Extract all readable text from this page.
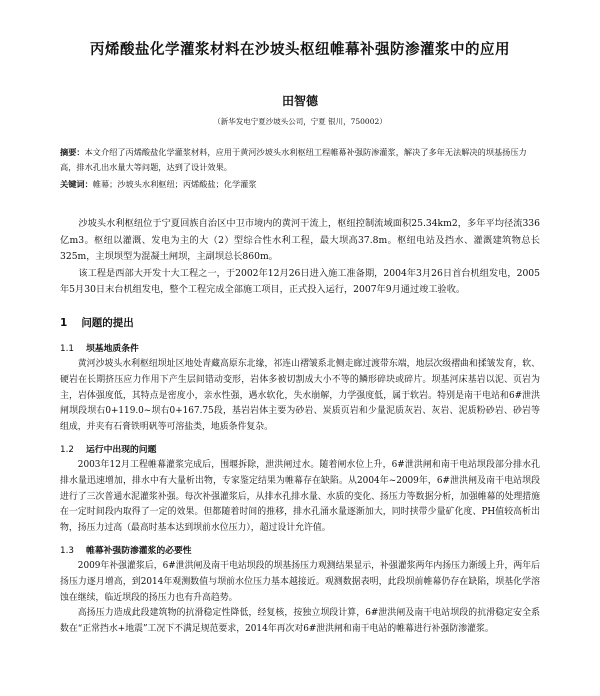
丙烯酸盐化学灌浆材料在沙坡头枢纽帷幕补强防渗灌浆中的应用
田智德
（新华发电宁夏沙坡头公司，宁夏 银川，750002）
摘要：本文介绍了丙烯酸盐化学灌浆材料，应用于黄河沙坡头水利枢纽工程帷幕补强防渗灌浆，解决了多年无法解决的坝基扬压力高，排水孔出水量大等问题，达到了设计效果。
关键词：帷幕；沙坡头水利枢纽；丙烯酸盐；化学灌浆

沙坡头水利枢纽位于宁夏回族自治区中卫市境内的黄河干流上，枢纽控制流域面积25.34km2，多年平均径流336亿m3。枢纽以灌溉、发电为主的大（2）型综合性水利工程，最大坝高37.8m。枢纽电站及挡水、灌溉建筑物总长325m，主坝坝型为混凝土闸坝，主副坝总长860m。

该工程是西部大开发十大工程之一，于2002年12月26日进入施工准备期，2004年3月26日首台机组发电，2005年5月30日末台机组发电，整个工程完成全部施工项目，正式投入运行，2007年9月通过竣工验收。

1 问题的提出
1.1 坝基地质条件

黄河沙坡头水利枢纽坝址区地处青藏高原东北缘，祁连山褶皱系北侧走廊过渡带东端，地层次级褶曲和揉皱发育，软、硬岩在长期挤压应力作用下产生层间错动变形，岩体多被切割成大小不等的鳞形碎块或碎片。坝基河床基岩以泥、页岩为主，岩体强度低，其特点是密度小，亲水性强，遇水软化，失水崩解，力学强度低，属于软岩。特别是南干电站和6#泄洪闸坝段坝右0+119.0~坝右0+167.75段，基岩岩体主要为砂岩、炭质页岩和少量泥质灰岩、灰岩、泥质粉砂岩、砂岩等组成，并夹有石膏铁明矾等可溶盐类，地质条件复杂。

1.2 运行中出现的问题

2003年12月工程帷幕灌浆完成后，围堰拆除，泄洪闸过水。随着闸水位上升，6#泄洪闸和南干电站坝段部分排水孔排水量迅速增加，排水中有大量析出物，专家鉴定结果为帷幕存在缺陷。从2004年~2009年，6#泄洪闸及南干电站坝段进行了三次普通水泥灌浆补强。每次补强灌浆后，从排水孔排水量、水质的变化、扬压力等数据分析，加强帷幕的处理措施在一定时间段内取得了一定的效果。但都随着时间的推移，排水孔涌水量逐渐加大，同时挟带少量矿化度、PH值较高析出物，扬压力过高（最高时基本达到坝前水位压力），超过设计允许值。

1.3 帷幕补强防渗灌浆的必要性

2009年补强灌浆后，6#泄洪闸及南干电站坝段的坝基扬压力观测结果显示，补强灌浆两年内扬压力渐缓上升，两年后扬压力逐月增高，到2014年观测数值与坝前水位压力基本越接近。观测数据表明，此段坝前帷幕仍存在缺陷，坝基化学溶蚀在继续，临近坝段的扬压力也有升高趋势。

高扬压力造成此段建筑物的抗滑稳定性降低，经复核，按独立坝段计算，6#泄洪闸及南干电站坝段的抗滑稳定安全系数在“正常挡水+地震”工况下不满足规范要求，2014年再次对6#泄洪闸和南干电站的帷幕进行补强防渗灌浆。
